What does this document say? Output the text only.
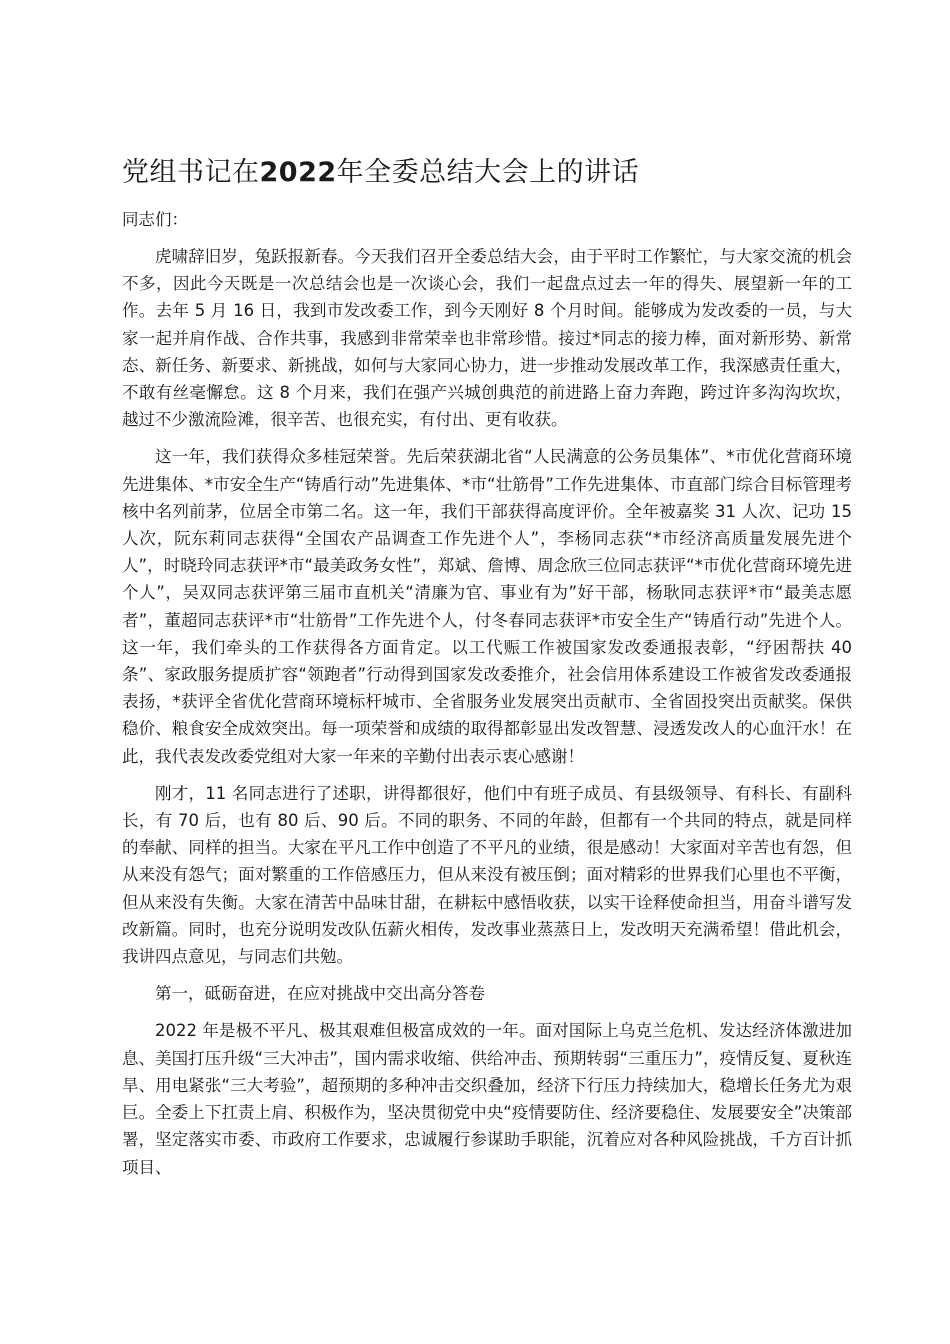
党组书记在2022年全委总结大会上的讲话

同志们：

虎啸辞旧岁，兔跃报新春。今天我们召开全委总结大会，由于平时工作繁忙，与大家交流的机会不多，因此今天既是一次总结会也是一次谈心会，我们一起盘点过去一年的得失、展望新一年的工作。去年 5 月 16 日，我到市发改委工作，到今天刚好 8 个月时间。能够成为发改委的一员，与大家一起并肩作战、合作共事，我感到非常荣幸也非常珍惜。接过*同志的接力棒，面对新形势、新常态、新任务、新要求、新挑战，如何与大家同心协力，进一步推动发展改革工作，我深感责任重大，不敢有丝毫懈怠。这 8 个月来，我们在强产兴城创典范的前进路上奋力奔跑，跨过许多沟沟坎坎，越过不少激流险滩，很辛苦、也很充实，有付出、更有收获。

这一年，我们获得众多桂冠荣誉。先后荣获湖北省“人民满意的公务员集体”、*市优化营商环境先进集体、*市安全生产“铸盾行动”先进集体、*市“壮筋骨”工作先进集体、市直部门综合目标管理考核中名列前茅，位居全市第二名。这一年，我们干部获得高度评价。全年被嘉奖 31 人次、记功 15 人次，阮东莉同志获得“全国农产品调查工作先进个人”，李杨同志获“*市经济高质量发展先进个人”，时晓玲同志获评*市“最美政务女性”，郑斌、詹博、周念欣三位同志获评“*市优化营商环境先进个人”，吴双同志获评第三届市直机关“清廉为官、事业有为”好干部，杨耿同志获评*市“最美志愿者”，董超同志获评*市“壮筋骨”工作先进个人，付冬春同志获评*市安全生产“铸盾行动”先进个人。这一年，我们牵头的工作获得各方面肯定。以工代赈工作被国家发改委通报表彰，“纾困帮扶 40 条”、家政服务提质扩容“领跑者”行动得到国家发改委推介，社会信用体系建设工作被省发改委通报表扬，*获评全省优化营商环境标杆城市、全省服务业发展突出贡献市、全省固投突出贡献奖。保供稳价、粮食安全成效突出。每一项荣誉和成绩的取得都彰显出发改智慧、浸透发改人的心血汗水！在此，我代表发改委党组对大家一年来的辛勤付出表示衷心感谢！

刚才，11 名同志进行了述职，讲得都很好，他们中有班子成员、有县级领导、有科长、有副科长，有 70 后，也有 80 后、90 后。不同的职务、不同的年龄，但都有一个共同的特点，就是同样的奉献、同样的担当。大家在平凡工作中创造了不平凡的业绩，很是感动！大家面对辛苦也有怨，但从来没有怨气；面对繁重的工作倍感压力，但从来没有被压倒；面对精彩的世界我们心里也不平衡，但从来没有失衡。大家在清苦中品味甘甜，在耕耘中感悟收获，以实干诠释使命担当，用奋斗谱写发改新篇。同时，也充分说明发改队伍薪火相传，发改事业蒸蒸日上，发改明天充满希望！借此机会，我讲四点意见，与同志们共勉。

第一，砥砺奋进，在应对挑战中交出高分答卷

2022 年是极不平凡、极其艰难但极富成效的一年。面对国际上乌克兰危机、发达经济体激进加息、美国打压升级“三大冲击”，国内需求收缩、供给冲击、预期转弱“三重压力”，疫情反复、夏秋连旱、用电紧张“三大考验”，超预期的多种冲击交织叠加，经济下行压力持续加大，稳增长任务尤为艰巨。全委上下扛责上肩、积极作为，坚决贯彻党中央“疫情要防住、经济要稳住、发展要安全”决策部署，坚定落实市委、市政府工作要求，忠诚履行参谋助手职能，沉着应对各种风险挑战，千方百计抓项目、
